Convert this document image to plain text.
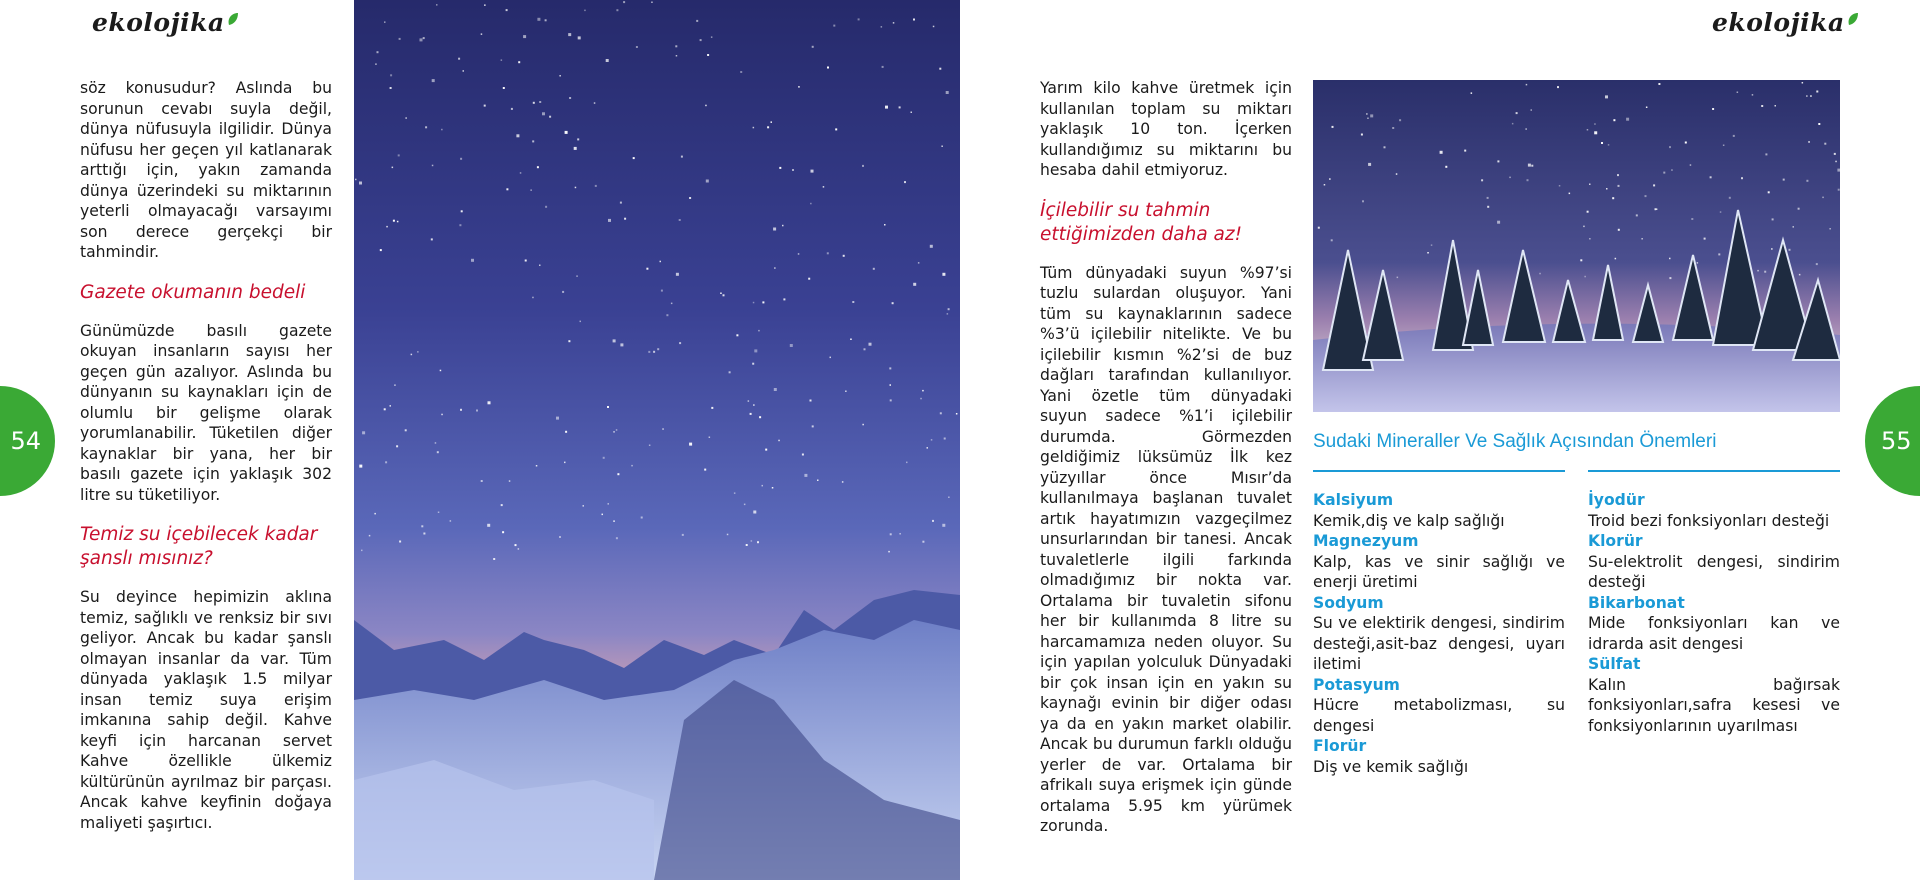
ekolojika

söz konusudur? Aslında bu sorunun cevabı suyla değil, dünya nüfusuyla ilgilidir. Dünya nüfusu her geçen yıl katlanarak arttığı için, yakın zamanda dünya üzerindeki su miktarının yeterli olmayacağı varsayımı son derece gerçekçi bir tahmindir.

Gazete okumanın bedeli

Günümüzde basılı gazete okuyan insanların sayısı her geçen gün azalıyor. Aslında bu dünyanın su kaynakları için de olumlu bir gelişme olarak yorumlanabilir. Tüketilen diğer kaynaklar bir yana, her bir basılı gazete için yaklaşık 302 litre su tüketiliyor.

Temiz su içebilecek kadar şanslı mısınız?

Su deyince hepimizin aklına temiz, sağlıklı ve renksiz bir sıvı geliyor. Ancak bu kadar şanslı olmayan insanlar da var. Tüm dünyada yaklaşık 1.5 milyar insan temiz suya erişim imkanına sahip değil. Kahve keyfi için harcanan servet Kahve özellikle ülkemiz kültürünün ayrılmaz bir parçası. Ancak kahve keyfinin doğaya maliyeti şaşırtıcı.

54
ekolojika

Yarım kilo kahve üretmek için kullanılan toplam su miktarı yaklaşık 10 ton. İçerken kullandığımız su miktarını bu hesaba dahil etmiyoruz.

İçilebilir su tahmin ettiğimizden daha az!

Tüm dünyadaki suyun %97’si tuzlu sulardan oluşuyor. Yani tüm su kaynaklarının sadece %3’ü içilebilir nitelikte. Ve bu içilebilir kısmın %2’si de buz dağları tarafından kullanılıyor. Yani özetle tüm dünyadaki suyun sadece %1’i içilebilir durumda. Görmezden geldiğimiz lüksümüz İlk kez yüzyıllar önce Mısır’da kullanılmaya başlanan tuvalet artık hayatımızın vazgeçilmez unsurlarından bir tanesi. Ancak tuvaletlerle ilgili farkında olmadığımız bir nokta var. Ortalama bir tuvaletin sifonu her bir kullanımda 8 litre su harcamamıza neden oluyor. Su için yapılan yolculuk Dünyadaki bir çok insan için en yakın su kaynağı evinin bir diğer odası ya da en yakın market olabilir. Ancak bu durumun farklı olduğu yerler de var. Ortalama bir afrikalı suya erişmek için günde ortalama 5.95 km yürümek zorunda.

Sudaki Mineraller Ve Sağlık Açısından Önemleri
Kalsiyum
Kemik,diş ve kalp sağlığı
Magnezyum
Kalp, kas ve sinir sağlığı ve enerji üretimi
Sodyum
Su ve elektirik dengesi, sindirim desteği,asit-baz dengesi, uyarı iletimi
Potasyum
Hücre metabolizması, su dengesi
Florür
Diş ve kemik sağlığı
İyodür
Troid bezi fonksiyonları desteği
Klorür
Su-elektrolit dengesi, sindirim desteği
Bikarbonat
Mide fonksiyonları kan ve idrarda asit dengesi
Sülfat
Kalın bağırsak fonksiyonları,safra kesesi ve fonksiyonlarının uyarılması
55
